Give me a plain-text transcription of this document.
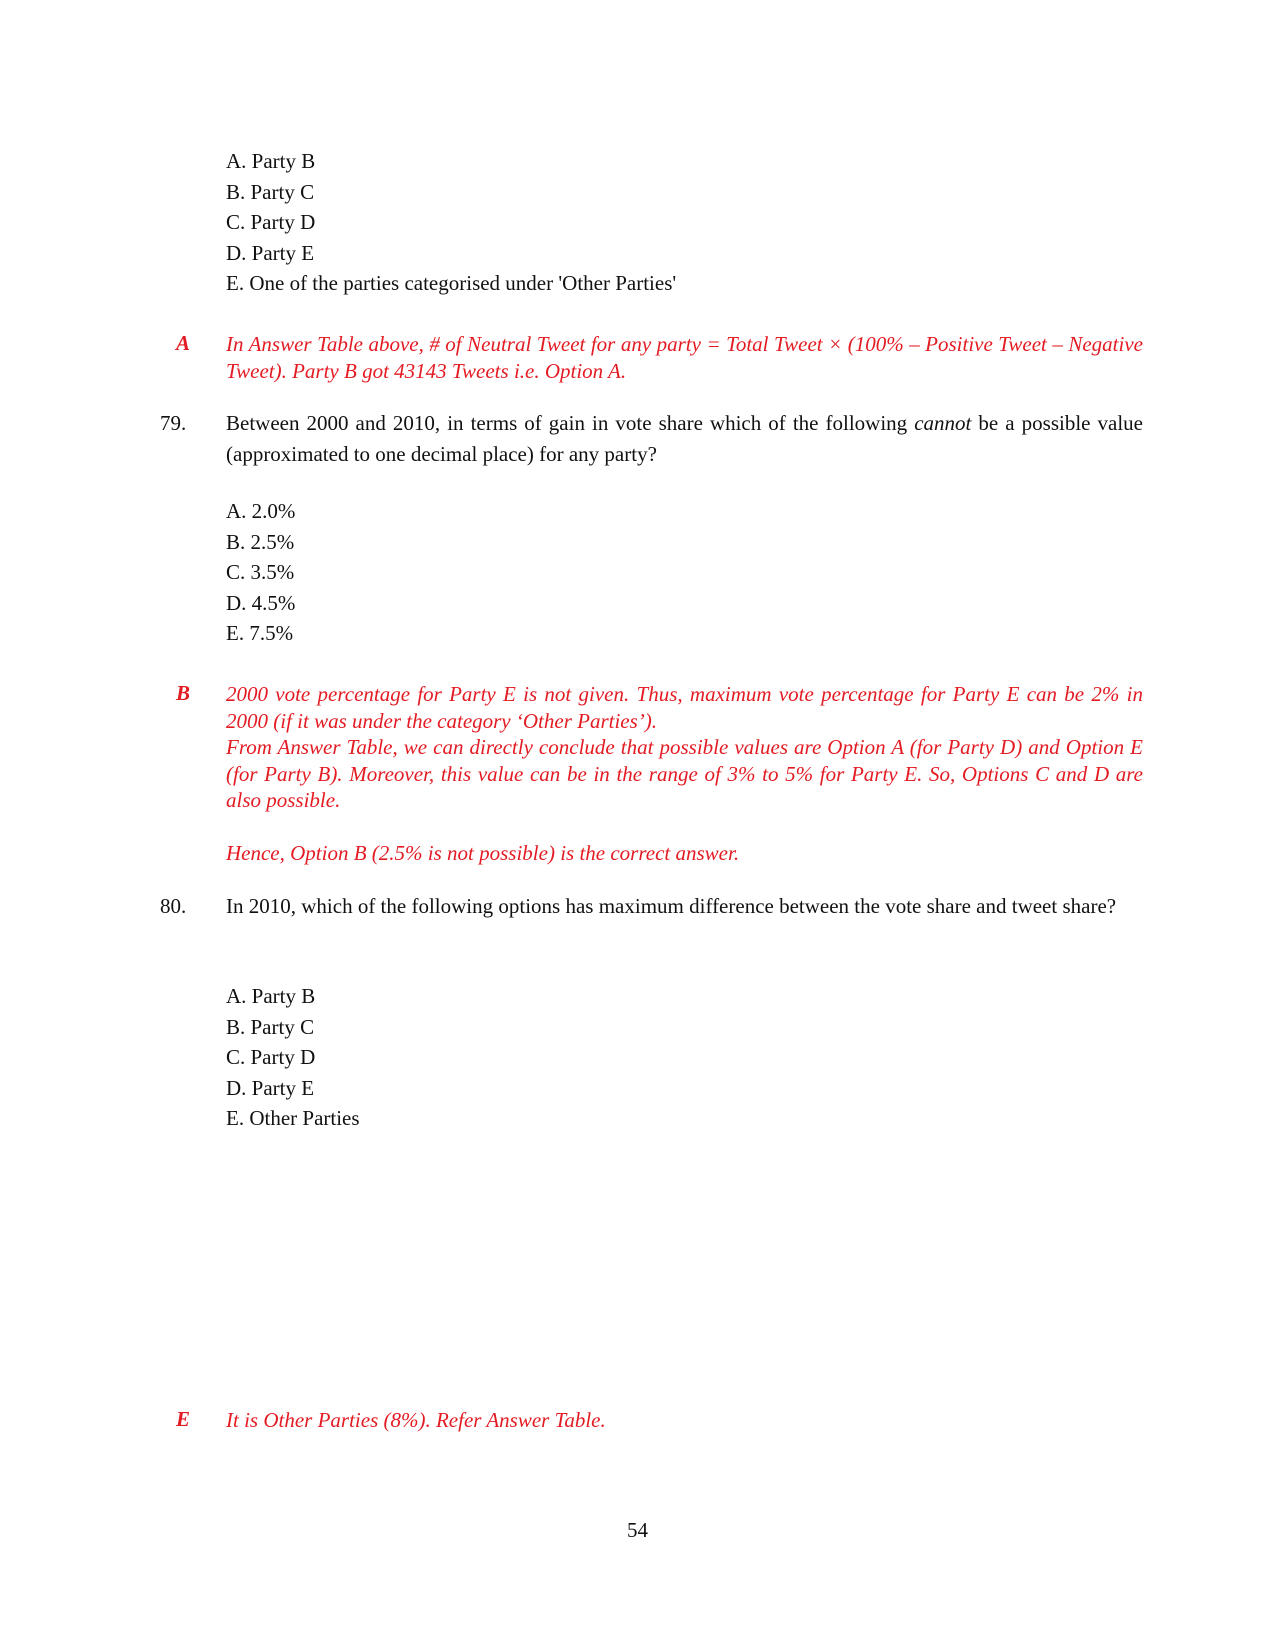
A. Party B
B. Party C
C. Party D
D. Party E
E. One of the parties categorised under 'Other Parties'
A In Answer Table above, # of Neutral Tweet for any party = Total Tweet × (100% – Positive Tweet – Negative Tweet). Party B got 43143 Tweets i.e. Option A.

79. Between 2000 and 2010, in terms of gain in vote share which of the following cannot be a possible value (approximated to one decimal place) for any party?
A. 2.0%
B. 2.5%
C. 3.5%
D. 4.5%
E. 7.5%
B 2000 vote percentage for Party E is not given. Thus, maximum vote percentage for Party E can be 2% in 2000 (if it was under the category ‘Other Parties’).

From Answer Table, we can directly conclude that possible values are Option A (for Party D) and Option E (for Party B). Moreover, this value can be in the range of 3% to 5% for Party E. So, Options C and D are also possible.

Hence, Option B (2.5% is not possible) is the correct answer.

80. In 2010, which of the following options has maximum difference between the vote share and tweet share?
A. Party B
B. Party C
C. Party D
D. Party E
E. Other Parties
E It is Other Parties (8%). Refer Answer Table.

54
